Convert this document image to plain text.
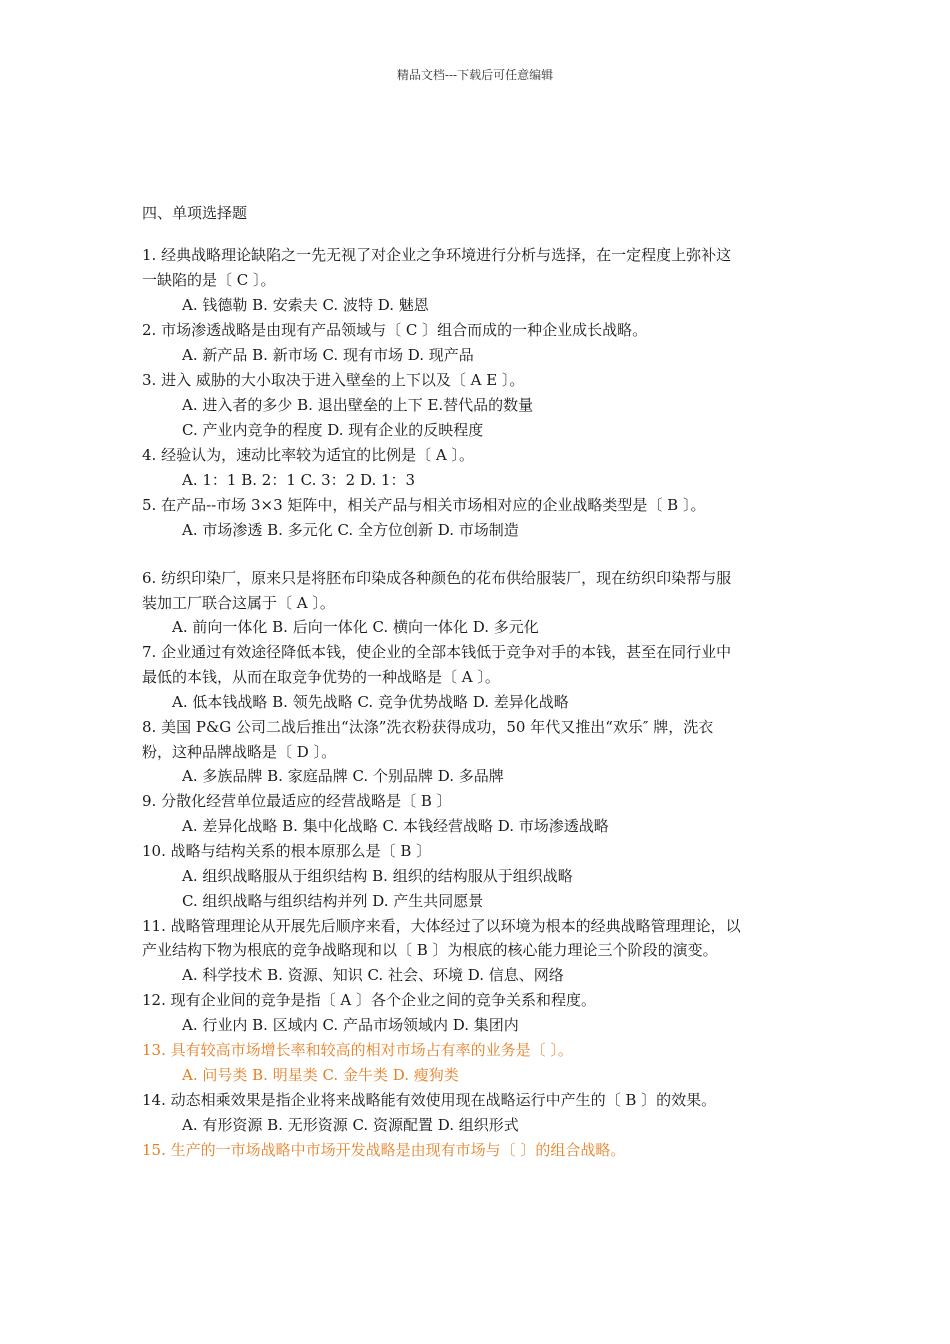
精品文档---下载后可任意编辑
四、单项选择题
1. 经典战略理论缺陷之一先无视了对企业之争环境进行分析与选择，在一定程度上弥补这
一缺陷的是〔 C 〕。
A. 钱德勒 B. 安索夫 C. 波特 D. 魅恩
2. 市场渗透战略是由现有产品领域与〔 C 〕组合而成的一种企业成长战略。
A. 新产品 B. 新市场 C. 现有市场 D. 现产品
3. 进入 威胁的大小取决于进入壁垒的上下以及〔 A E 〕。
A. 进入者的多少 B. 退出壁垒的上下 E.替代品的数量
C. 产业内竞争的程度 D. 现有企业的反映程度
4. 经验认为，速动比率较为适宜的比例是〔 A 〕。
A. 1：1 B. 2：1 C. 3：2 D. 1：3
5. 在产品--市场 3×3 矩阵中，相关产品与相关市场相对应的企业战略类型是〔 B 〕。
A. 市场渗透 B. 多元化 C. 全方位创新 D. 市场制造
6. 纺织印染厂，原来只是将胚布印染成各种颜色的花布供给服装厂，现在纺织印染帮与服
装加工厂联合这属于〔 A 〕。
A. 前向一体化 B. 后向一体化 C. 横向一体化 D. 多元化
7. 企业通过有效途径降低本钱，使企业的全部本钱低于竞争对手的本钱，甚至在同行业中
最低的本钱，从而在取竞争优势的一种战略是〔 A 〕。
A. 低本钱战略 B. 领先战略 C. 竞争优势战略 D. 差异化战略
8. 美国 P&G 公司二战后推出“汰涤”洗衣粉获得成功，50 年代又推出“欢乐″ 牌，洗衣
粉，这种品牌战略是〔 D 〕。
A. 多族品牌 B. 家庭品牌 C. 个别品牌 D. 多品牌
9. 分散化经营单位最适应的经营战略是〔 B 〕
A. 差异化战略 B. 集中化战略 C. 本钱经营战略 D. 市场渗透战略
10. 战略与结构关系的根本原那么是〔 B 〕
A. 组织战略服从于组织结构 B. 组织的结构服从于组织战略
C. 组织战略与组织结构并列 D. 产生共同愿景
11. 战略管理理论从开展先后顺序来看，大体经过了以环境为根本的经典战略管理理论，以
产业结构下物为根底的竞争战略现和以〔 B 〕为根底的核心能力理论三个阶段的演变。
A. 科学技术 B. 资源、知识 C. 社会、环境 D. 信息、网络
12. 现有企业间的竞争是指〔 A 〕各个企业之间的竞争关系和程度。
A. 行业内 B. 区域内 C. 产品市场领域内 D. 集团内
13. 具有较高市场增长率和较高的相对市场占有率的业务是〔 〕。
A. 问号类 B. 明星类 C. 金牛类 D. 瘦狗类
14. 动态相乘效果是指企业将来战略能有效使用现在战略运行中产生的〔 B 〕的效果。
A. 有形资源 B. 无形资源 C. 资源配置 D. 组织形式
15. 生产的一市场战略中市场开发战略是由现有市场与〔 〕的组合战略。
